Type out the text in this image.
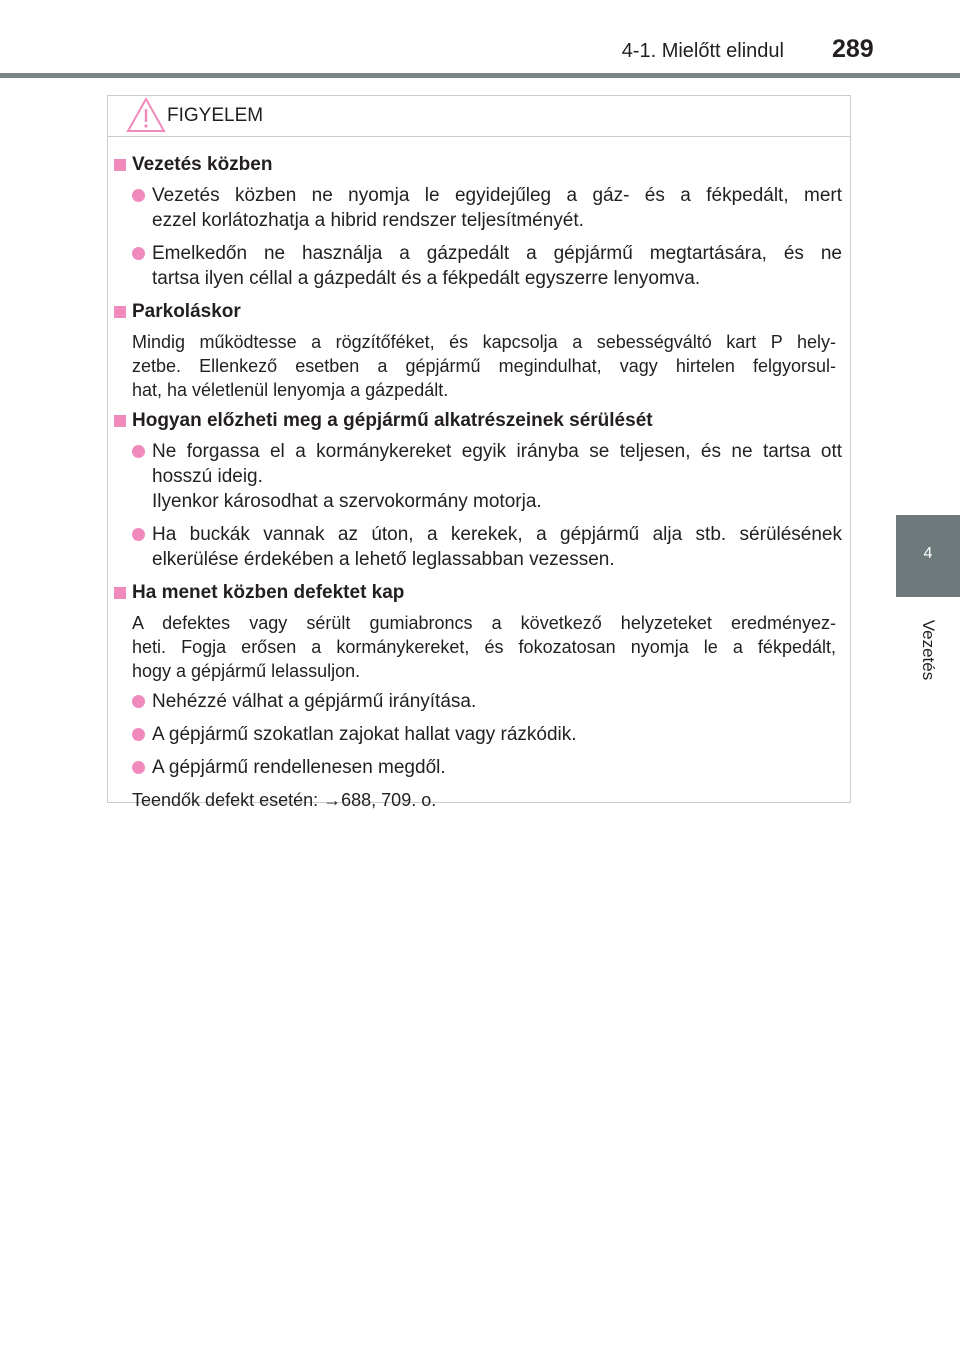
4-1. Mielőtt elindul 289
4
Vezetés
FIGYELEM
Vezetés közben
Vezetés közben ne nyomja le egyidejűleg a gáz- és a fékpedált, mert
ezzel korlátozhatja a hibrid rendszer teljesítményét.
Emelkedőn ne használja a gázpedált a gépjármű megtartására, és ne
tartsa ilyen céllal a gázpedált és a fékpedált egyszerre lenyomva.
Parkoláskor
Mindig működtesse a rögzítőféket, és kapcsolja a sebességváltó kart P hely-
zetbe. Ellenkező esetben a gépjármű megindulhat, vagy hirtelen felgyorsul-
hat, ha véletlenül lenyomja a gázpedált.
Hogyan előzheti meg a gépjármű alkatrészeinek sérülését
Ne forgassa el a kormánykereket egyik irányba se teljesen, és ne tartsa ott
hosszú ideig.
Ilyenkor károsodhat a szervokormány motorja.
Ha buckák vannak az úton, a kerekek, a gépjármű alja stb. sérülésének
elkerülése érdekében a lehető leglassabban vezessen.
Ha menet közben defektet kap
A defektes vagy sérült gumiabroncs a következő helyzeteket eredményez-
heti. Fogja erősen a kormánykereket, és fokozatosan nyomja le a fékpedált,
hogy a gépjármű lelassuljon.
Nehézzé válhat a gépjármű irányítása.
A gépjármű szokatlan zajokat hallat vagy rázkódik.
A gépjármű rendellenesen megdől.
Teendők defekt esetén: →688, 709. o.
